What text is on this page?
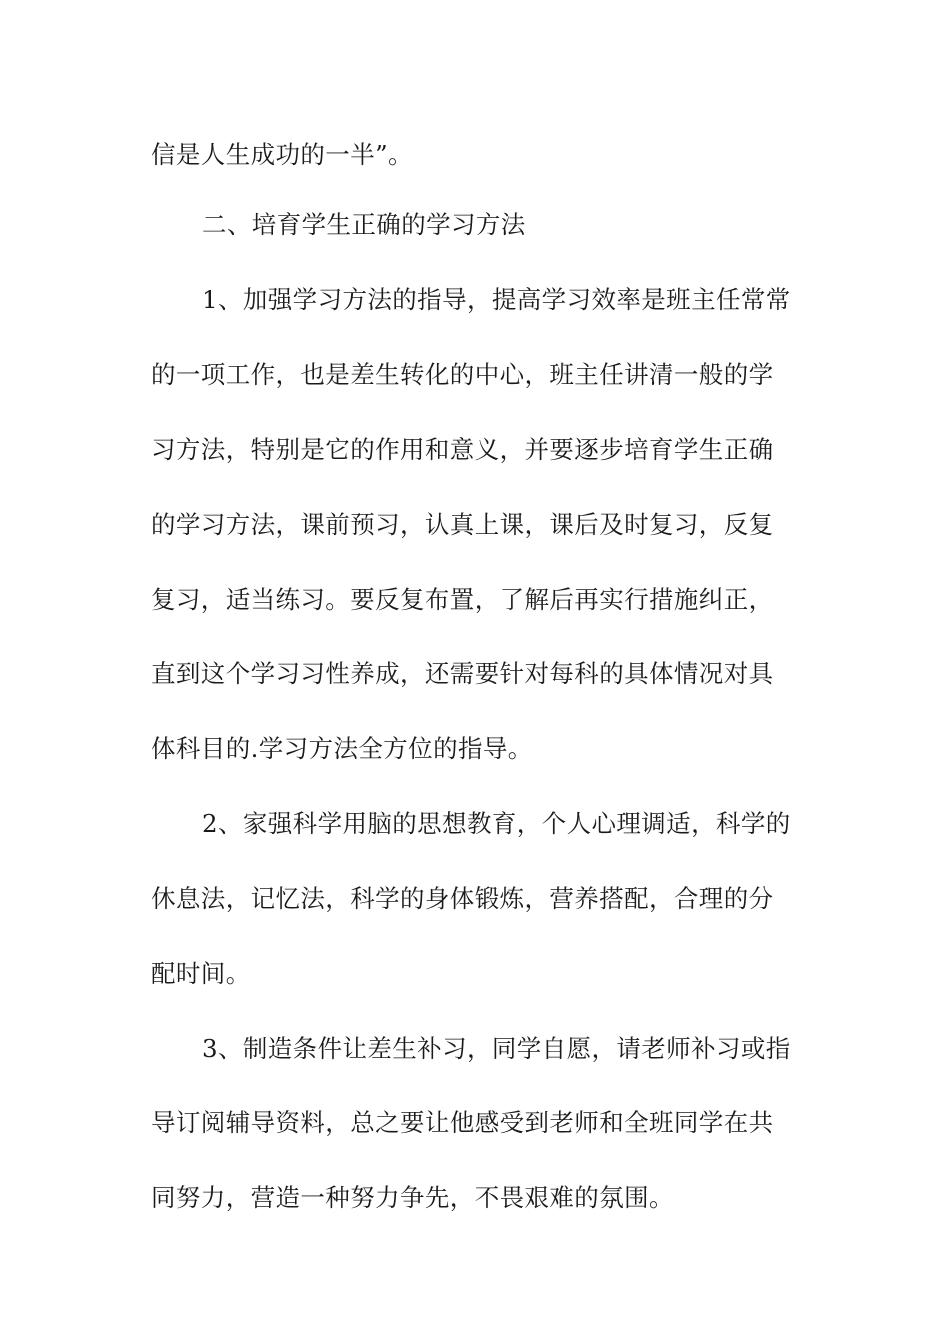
信是人生成功的一半”。
二、培育学生正确的学习方法
1、加强学习方法的指导，提高学习效率是班主任常常
的一项工作，也是差生转化的中心，班主任讲清一般的学
习方法，特别是它的作用和意义，并要逐步培育学生正确
的学习方法，课前预习，认真上课，课后及时复习，反复
复习，适当练习。要反复布置，了解后再实行措施纠正，
直到这个学习习性养成，还需要针对每科的具体情况对具
体科目的.学习方法全方位的指导。
2、家强科学用脑的思想教育，个人心理调适，科学的
休息法，记忆法，科学的身体锻炼，营养搭配，合理的分
配时间。
3、制造条件让差生补习，同学自愿，请老师补习或指
导订阅辅导资料，总之要让他感受到老师和全班同学在共
同努力，营造一种努力争先，不畏艰难的氛围。
